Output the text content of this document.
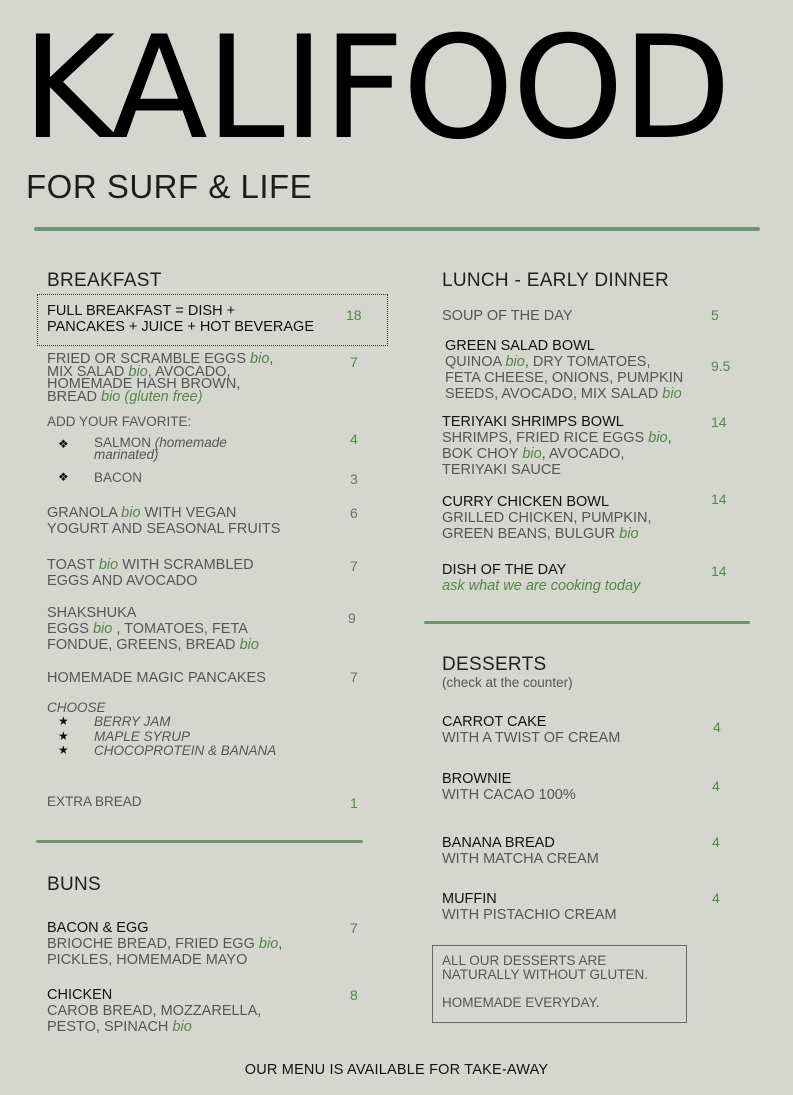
KALIFOOD
FOR SURF & LIFE
BREAKFAST
FULL BREAKFAST = DISH +
PANCAKES + JUICE + HOT BEVERAGE
18
FRIED OR SCRAMBLE EGGS bio,
MIX SALAD bio, AVOCADO,
HOMEMADE HASH BROWN,
BREAD bio (gluten free)
7
ADD YOUR FAVORITE:
❖ SALMON (homemade
marinated)
4
❖ BACON	3
GRANOLA bio WITH VEGAN
YOGURT AND SEASONAL FRUITS
6
TOAST bio WITH SCRAMBLED
EGGS AND AVOCADO
7
SHAKSHUKA
EGGS bio , TOMATOES, FETA
FONDUE, GREENS, BREAD bio
9
HOMEMADE MAGIC PANCAKES	7
CHOOSE
★ BERRY JAM
★ MAPLE SYRUP
★ CHOCOPROTEIN & BANANA
EXTRA BREAD	1
BUNS
BACON & EGG
BRIOCHE BREAD, FRIED EGG bio,
PICKLES, HOMEMADE MAYO
7
CHICKEN
CAROB BREAD, MOZZARELLA,
PESTO, SPINACH bio
8
LUNCH - EARLY DINNER
SOUP OF THE DAY	5
GREEN SALAD BOWL
QUINOA bio, DRY TOMATOES,
FETA CHEESE, ONIONS, PUMPKIN
SEEDS, AVOCADO, MIX SALAD bio
9.5
TERIYAKI SHRIMPS BOWL
SHRIMPS, FRIED RICE EGGS bio,
BOK CHOY bio, AVOCADO,
TERIYAKI SAUCE
14
CURRY CHICKEN BOWL
GRILLED CHICKEN, PUMPKIN,
GREEN BEANS, BULGUR bio
14
DISH OF THE DAY
ask what we are cooking today
14
DESSERTS
(check at the counter)
CARROT CAKE
WITH A TWIST OF CREAM
4
BROWNIE
WITH CACAO 100%
4
BANANA BREAD
WITH MATCHA CREAM
4
MUFFIN
WITH PISTACHIO CREAM
4
ALL OUR DESSERTS ARE
NATURALLY WITHOUT GLUTEN.

HOMEMADE EVERYDAY.
OUR MENU IS AVAILABLE FOR TAKE-AWAY
